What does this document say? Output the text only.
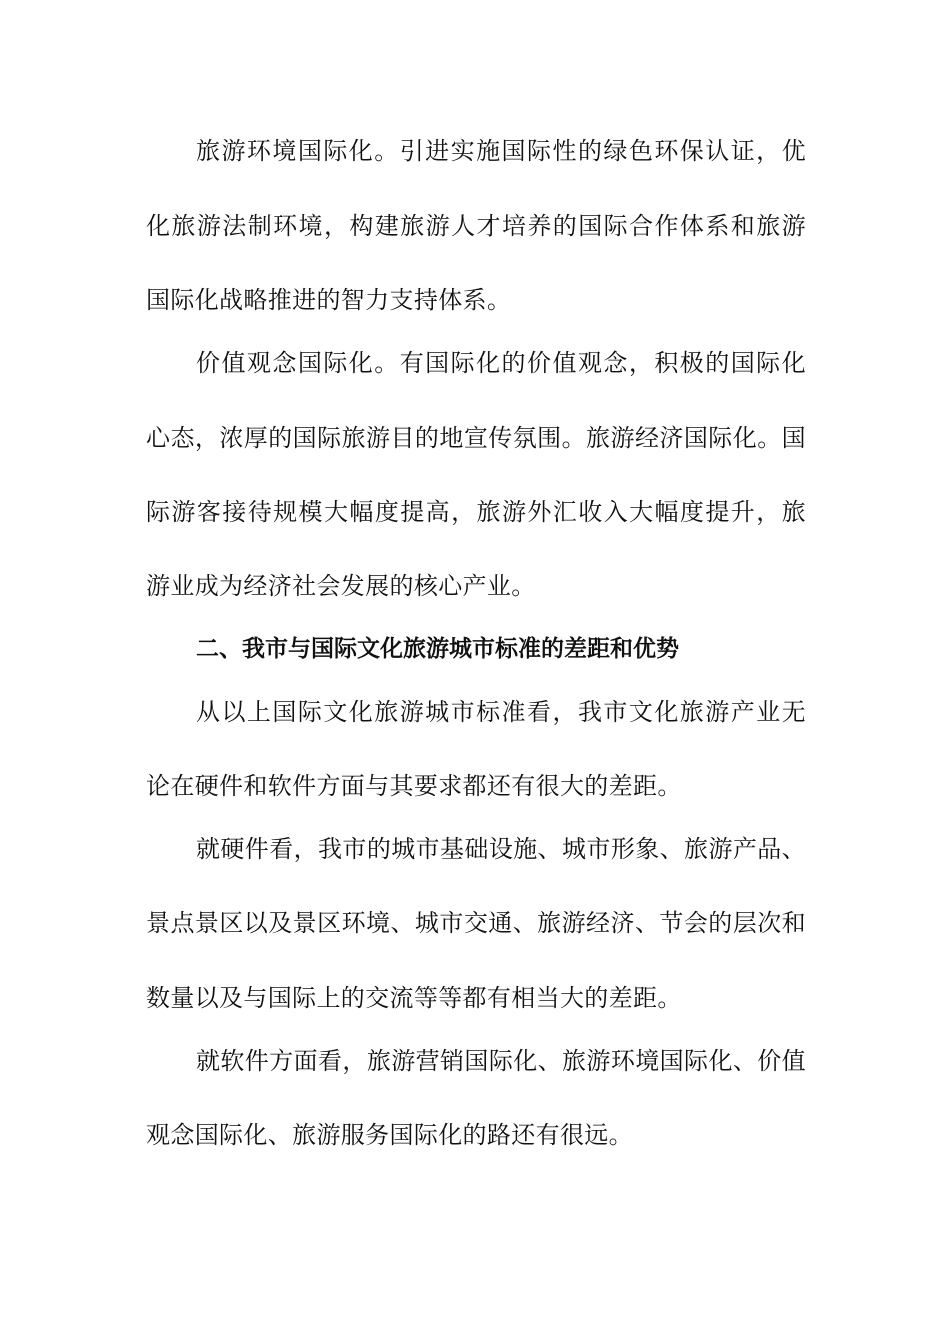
旅游环境国际化。引进实施国际性的绿色环保认证，优
化旅游法制环境，构建旅游人才培养的国际合作体系和旅游
国际化战略推进的智力支持体系。
价值观念国际化。有国际化的价值观念，积极的国际化
心态，浓厚的国际旅游目的地宣传氛围。旅游经济国际化。国
际游客接待规模大幅度提高，旅游外汇收入大幅度提升，旅
游业成为经济社会发展的核心产业。
二、我市与国际文化旅游城市标准的差距和优势
从以上国际文化旅游城市标准看，我市文化旅游产业无
论在硬件和软件方面与其要求都还有很大的差距。
就硬件看，我市的城市基础设施、城市形象、旅游产品、
景点景区以及景区环境、城市交通、旅游经济、节会的层次和
数量以及与国际上的交流等等都有相当大的差距。
就软件方面看，旅游营销国际化、旅游环境国际化、价值
观念国际化、旅游服务国际化的路还有很远。
